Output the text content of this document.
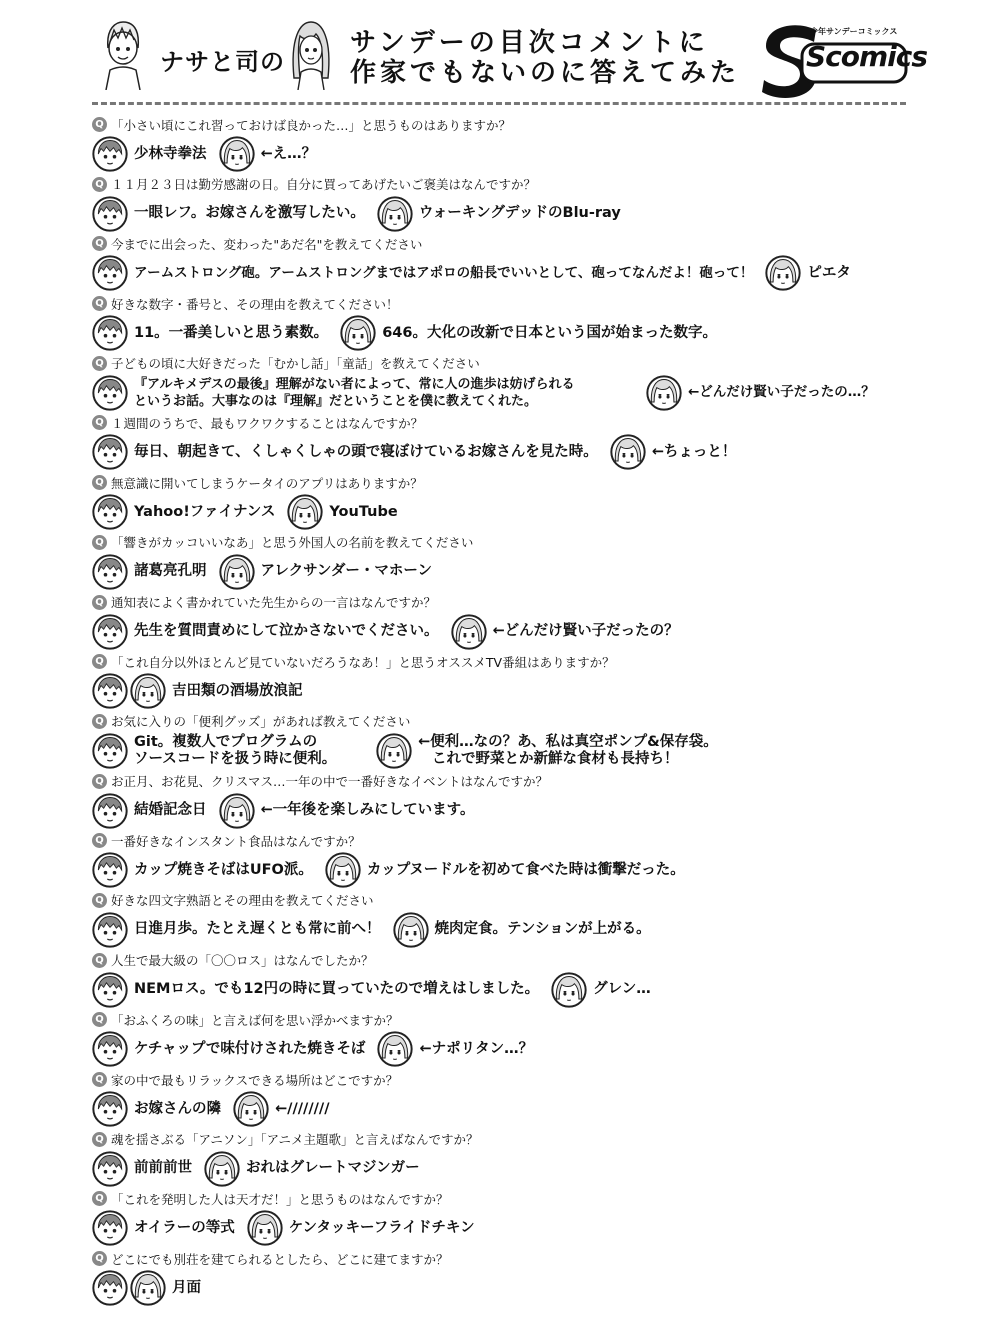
ナサと司の
サンデーの目次コメントに
作家でもないのに答えてみた
少年サンデーコミックス
Scomics
Q 「小さい頃にこれ習っておけば良かった…」と思うものはありますか？
少林寺拳法	←え…？
Q １１月２３日は勤労感謝の日。自分に買ってあげたいご褒美はなんですか？
一眼レフ。お嫁さんを激写したい。	ウォーキングデッドのBlu-ray
Q 今までに出会った、変わった"あだ名"を教えてください
アームストロング砲。アームストロングまではアポロの船長でいいとして、砲ってなんだよ！砲って！	ピエタ
Q 好きな数字・番号と、その理由を教えてください！
11。一番美しいと思う素数。	646。大化の改新で日本という国が始まった数字。
Q 子どもの頃に大好きだった「むかし話」「童話」を教えてください
『アルキメデスの最後』理解がない者によって、常に人の進歩は妨げられる
というお話。大事なのは『理解』だということを僕に教えてくれた。
←どんだけ賢い子だったの…？
Q １週間のうちで、最もワクワクすることはなんですか？
毎日、朝起きて、くしゃくしゃの頭で寝ぼけているお嫁さんを見た時。	←ちょっと！
Q 無意識に開いてしまうケータイのアプリはありますか？
Yahoo!ファイナンス	YouTube
Q 「響きがカッコいいなあ」と思う外国人の名前を教えてください
諸葛亮孔明	アレクサンダー・マホーン
Q 通知表によく書かれていた先生からの一言はなんですか？
先生を質問責めにして泣かさないでください。	←どんだけ賢い子だったの？
Q 「これ自分以外ほとんど見ていないだろうなあ！」と思うオススメTV番組はありますか？
吉田類の酒場放浪記
Q お気に入りの「便利グッズ」があれば教えてください
Git。複数人でプログラムの
ソースコードを扱う時に便利。
←便利…なの？あ、私は真空ポンプ&保存袋。
これで野菜とか新鮮な食材も長持ち！
Q お正月、お花見、クリスマス…一年の中で一番好きなイベントはなんですか？
結婚記念日	←一年後を楽しみにしています。
Q 一番好きなインスタント食品はなんですか？
カップ焼きそばはUFO派。	カップヌードルを初めて食べた時は衝撃だった。
Q 好きな四文字熟語とその理由を教えてください
日進月歩。たとえ遅くとも常に前へ！	焼肉定食。テンションが上がる。
Q 人生で最大級の「〇〇ロス」はなんでしたか？
NEMロス。でも12円の時に買っていたので増えはしました。	グレン…
Q 「おふくろの味」と言えば何を思い浮かべますか？
ケチャップで味付けされた焼きそば	←ナポリタン…？
Q 家の中で最もリラックスできる場所はどこですか？
お嫁さんの隣	←////////
Q 魂を揺さぶる「アニソン」「アニメ主題歌」と言えばなんですか？
前前前世	おれはグレートマジンガー
Q 「これを発明した人は天才だ！」と思うものはなんですか？
オイラーの等式	ケンタッキーフライドチキン
Q どこにでも別荘を建てられるとしたら、どこに建てますか？
月面
